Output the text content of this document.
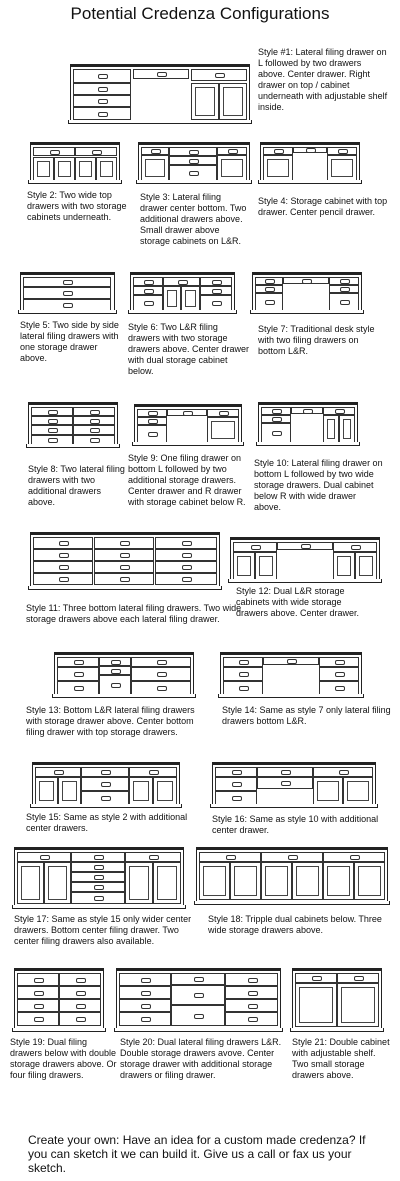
Potential Credenza Configurations
Style #1: Lateral filing drawer on L followed by two drawers above. Center drawer. Right drawer on top / cabinet underneath with adjustable shelf inside.
Style 2: Two wide top drawers with two storage cabinets underneath.
Style 3: Lateral filing drawer center bottom. Two additional drawers above. Small drawer above storage cabinets on L&R.
Style 4: Storage cabinet with top drawer. Center pencil drawer.
Style 5: Two side by side lateral filing drawers with one storage drawer above.
Style 6: Two L&R filing drawers with two storage drawers above. Center drawer with dual storage cabinet below.
Style 7: Traditional desk style with two filing drawers on bottom L&R.
Style 8: Two lateral filing drawers with two additional drawers above.
Style 9: One filing drawer on bottom L followed by two additional storage drawers. Center drawer and R drawer with storage cabinet below R.
Style 10: Lateral filing drawer on bottom L followed by two wide storage drawers. Dual cabinet below R with wide drawer above.
Style 11: Three bottom lateral filing drawers. Two wide storage drawers above each lateral filing drawer.
Style 12: Dual L&R storage cabinets with wide storage drawers above. Center drawer.
Style 13: Bottom L&R lateral filing drawers with storage drawer above. Center bottom filing drawer with top storage drawers.
Style 14: Same as style 7 only lateral filing drawers bottom L&R.
Style 15: Same as style 2 with additional center drawers.
Style 16: Same as style 10 with additional center drawer.
Style 17: Same as style 15 only wider center drawers. Bottom center filing drawer. Two center filing drawers also available.
Style 18: Tripple dual cabinets below. Three wide storage drawers above.
Style 19: Dual filing drawers below with double storage drawers above. Or four filing drawers.
Style 20: Dual lateral filing drawers L&R. Double storage drawers avove. Center storage drawer with additional storage drawers or filing drawer.
Style 21: Double cabinet with adjustable shelf. Two small storage drawers above.
Create your own: Have an idea for a custom made credenza? If you can sketch it we can build it. Give us a call or fax us your sketch.
